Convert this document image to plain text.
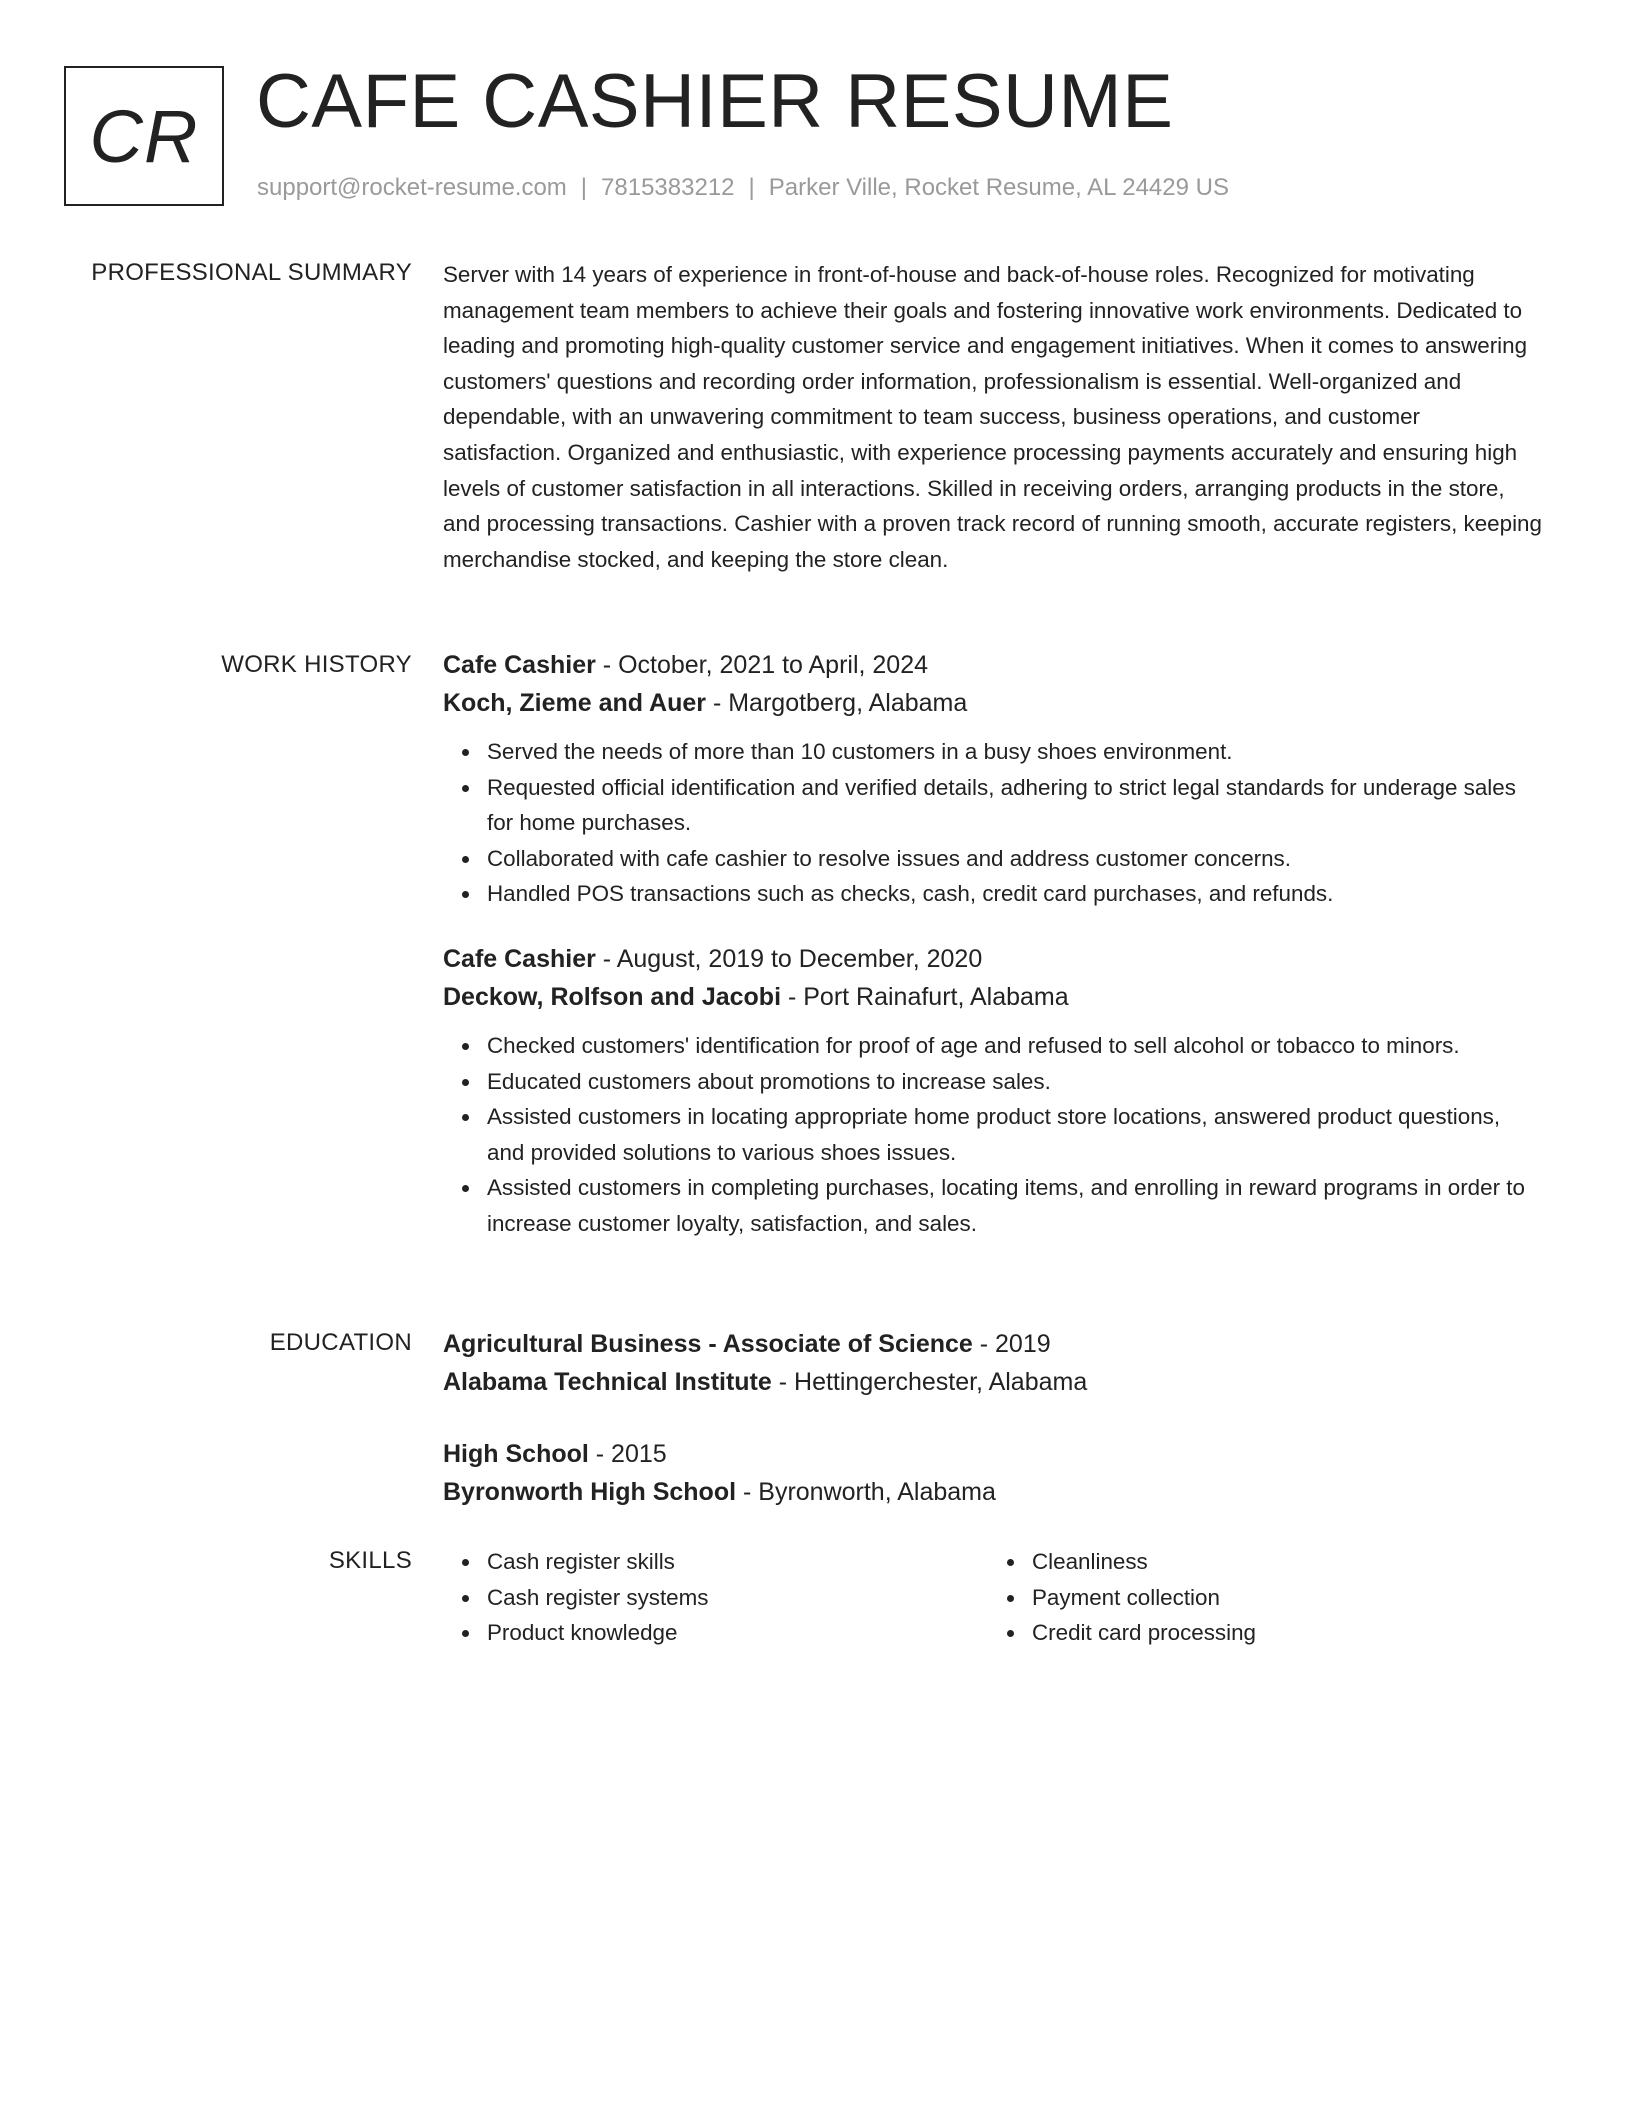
CR CAFE CASHIER RESUME
support@rocket-resume.com | 7815383212 | Parker Ville, Rocket Resume, AL 24429 US
PROFESSIONAL SUMMARY Server with 14 years of experience in front-of-house and back-of-house roles. Recognized for motivating management team members to achieve their goals and fostering innovative work environments. Dedicated to leading and promoting high-quality customer service and engagement initiatives. When it comes to answering customers' questions and recording order information, professionalism is essential. Well-organized and dependable, with an unwavering commitment to team success, business operations, and customer satisfaction. Organized and enthusiastic, with experience processing payments accurately and ensuring high levels of customer satisfaction in all interactions. Skilled in receiving orders, arranging products in the store, and processing transactions. Cashier with a proven track record of running smooth, accurate registers, keeping merchandise stocked, and keeping the store clean.

WORK HISTORY Cafe Cashier - October, 2021 to April, 2024
Koch, Zieme and Auer - Margotberg, Alabama
Served the needs of more than 10 customers in a busy shoes environment.
Requested official identification and verified details, adhering to strict legal standards for underage sales for home purchases.
Collaborated with cafe cashier to resolve issues and address customer concerns.
Handled POS transactions such as checks, cash, credit card purchases, and refunds.
Cafe Cashier - August, 2019 to December, 2020
Deckow, Rolfson and Jacobi - Port Rainafurt, Alabama
Checked customers' identification for proof of age and refused to sell alcohol or tobacco to minors.
Educated customers about promotions to increase sales.
Assisted customers in locating appropriate home product store locations, answered product questions, and provided solutions to various shoes issues.
Assisted customers in completing purchases, locating items, and enrolling in reward programs in order to increase customer loyalty, satisfaction, and sales.
EDUCATION Agricultural Business - Associate of Science - 2019
Alabama Technical Institute - Hettingerchester, Alabama
High School - 2015
Byronworth High School - Byronworth, Alabama
SKILLS	Cash register skills
Cash register systems
Product knowledge
Cleanliness
Payment collection
Credit card processing
